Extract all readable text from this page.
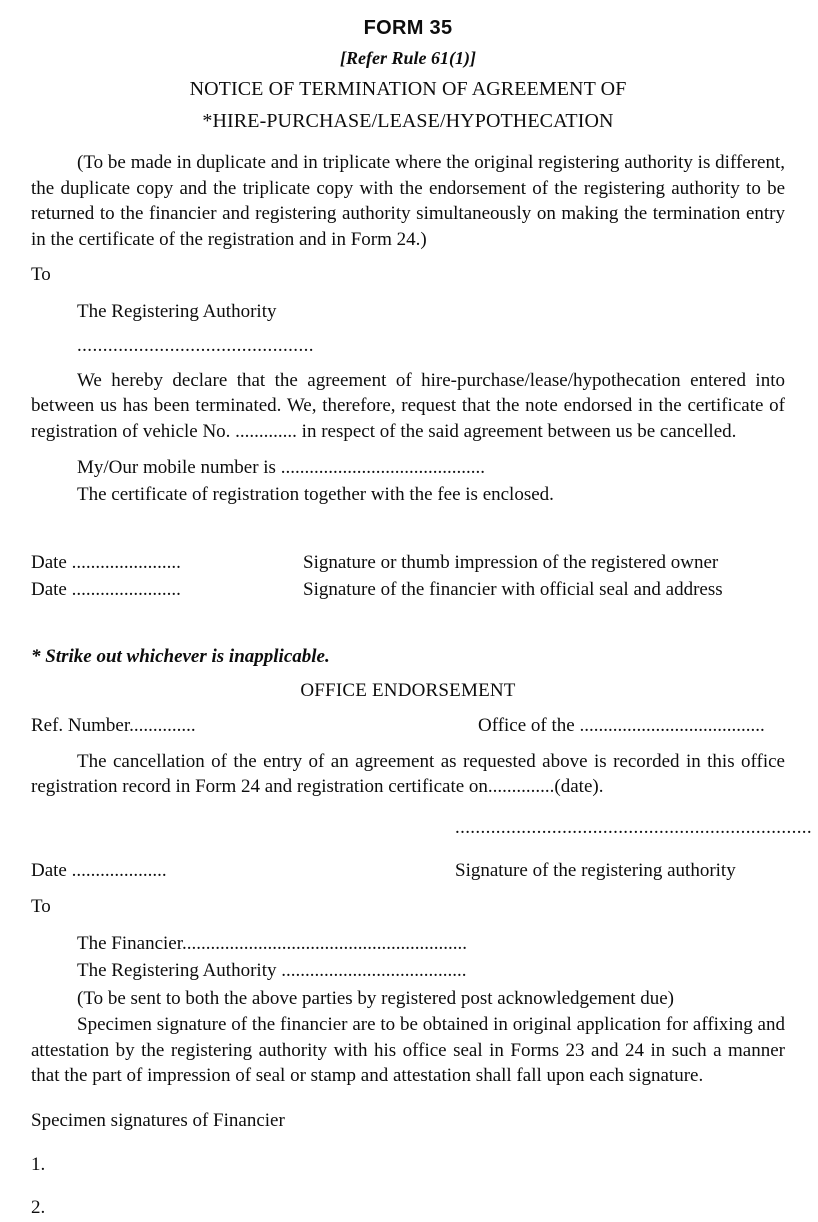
FORM 35
[Refer Rule 61(1)]
NOTICE OF TERMINATION OF AGREEMENT OF
*HIRE-PURCHASE/LEASE/HYPOTHECATION

(To be made in duplicate and in triplicate where the original registering authority is different, the duplicate copy and the triplicate copy with the endorsement of the registering authority to be returned to the financier and registering authority simultaneously on making the termination entry in the certificate of the registration and in Form 24.)

To
The Registering Authority
..............................................

We hereby declare that the agreement of hire-purchase/lease/hypothecation entered into between us has been terminated. We, therefore, request that the note endorsed in the certificate of registration of vehicle No. ............. in respect of the said agreement between us be cancelled.

My/Our mobile number is ...........................................
The certificate of registration together with the fee is enclosed.
Date .......................	Signature or thumb impression of the registered owner
Date .......................	Signature of the financier with official seal and address
* Strike out whichever is inapplicable.
OFFICE ENDORSEMENT
Ref. Number..............	Office of the .......................................

The cancellation of the entry of an agreement as requested above is recorded in this office registration record in Form 24 and registration certificate on..............(date).

......................................................................
Date ....................	Signature of the registering authority
To
The Financier............................................................
The Registering Authority .......................................
(To be sent to both the above parties by registered post acknowledgement due)

Specimen signature of the financier are to be obtained in original application for affixing and attestation by the registering authority with his office seal in Forms 23 and 24 in such a manner that the part of impression of seal or stamp and attestation shall fall upon each signature.

Specimen signatures of Financier
1.
2.
